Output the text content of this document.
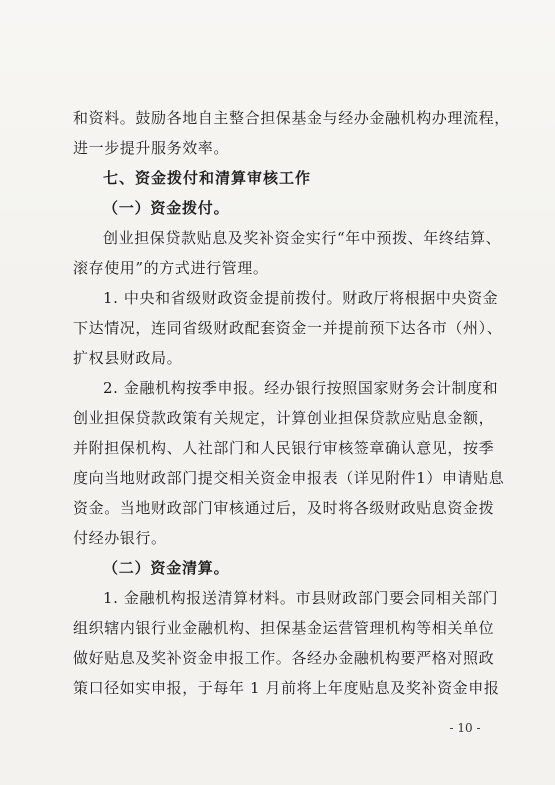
和资料。鼓励各地自主整合担保基金与经办金融机构办理流程，
进一步提升服务效率。
七、资金拨付和清算审核工作
（一）资金拨付。
创业担保贷款贴息及奖补资金实行“年中预拨、年终结算、
滚存使用”的方式进行管理。
1. 中央和省级财政资金提前拨付。财政厅将根据中央资金
下达情况，连同省级财政配套资金一并提前预下达各市（州）、
扩权县财政局。
2. 金融机构按季申报。经办银行按照国家财务会计制度和
创业担保贷款政策有关规定，计算创业担保贷款应贴息金额，
并附担保机构、人社部门和人民银行审核签章确认意见，按季
度向当地财政部门提交相关资金申报表（详见附件1）申请贴息
资金。当地财政部门审核通过后，及时将各级财政贴息资金拨
付经办银行。
（二）资金清算。
1. 金融机构报送清算材料。市县财政部门要会同相关部门
组织辖内银行业金融机构、担保基金运营管理机构等相关单位
做好贴息及奖补资金申报工作。各经办金融机构要严格对照政
策口径如实申报，于每年 1 月前将上年度贴息及奖补资金申报
- 10 -
